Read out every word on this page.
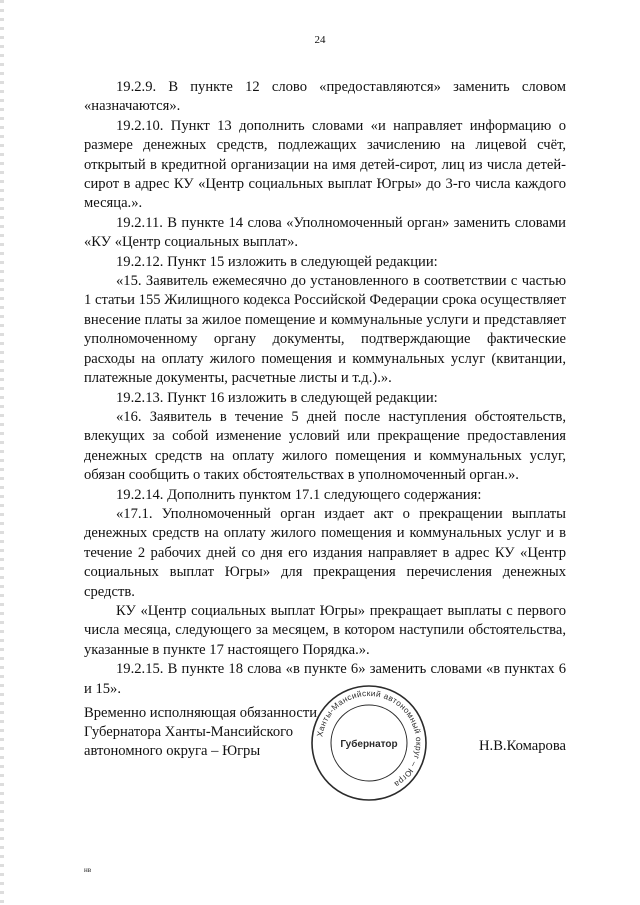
24

19.2.9. В пункте 12 слово «предоставляются» заменить словом «назначаются».

19.2.10. Пункт 13 дополнить словами «и направляет информацию о размере денежных средств, подлежащих зачислению на лицевой счёт, открытый в кредитной организации на имя детей-сирот, лиц из числа детей-сирот в адрес КУ «Центр социальных выплат Югры» до 3-го числа каждого месяца.».

19.2.11. В пункте 14 слова «Уполномоченный орган» заменить словами «КУ «Центр социальных выплат».

19.2.12. Пункт 15 изложить в следующей редакции:

«15. Заявитель ежемесячно до установленного в соответствии с частью 1 статьи 155 Жилищного кодекса Российской Федерации срока осуществляет внесение платы за жилое помещение и коммунальные услуги и представляет уполномоченному органу документы, подтверждающие фактические расходы на оплату жилого помещения и коммунальных услуг (квитанции, платежные документы, расчетные листы и т.д.).».

19.2.13. Пункт 16 изложить в следующей редакции:

«16. Заявитель в течение 5 дней после наступления обстоятельств, влекущих за собой изменение условий или прекращение предоставления денежных средств на оплату жилого помещения и коммунальных услуг, обязан сообщить о таких обстоятельствах в уполномоченный орган.».

19.2.14. Дополнить пунктом 17.1 следующего содержания:

«17.1. Уполномоченный орган издает акт о прекращении выплаты денежных средств на оплату жилого помещения и коммунальных услуг и в течение 2 рабочих дней со дня его издания направляет в адрес КУ «Центр социальных выплат Югры» для прекращения перечисления денежных средств.

КУ «Центр социальных выплат Югры» прекращает выплаты с первого числа месяца, следующего за месяцем, в котором наступили обстоятельства, указанные в пункте 17 настоящего Порядка.».

19.2.15. В пункте 18 слова «в пункте 6» заменить словами «в пунктах 6 и 15».

Временно исполняющая обязанности
Губернатора Ханты-Мансийского
автономного округа – Югры
Ханты-Мансийский автономный округ – Югра
Губернатор	Н.В.Комарова
нв
